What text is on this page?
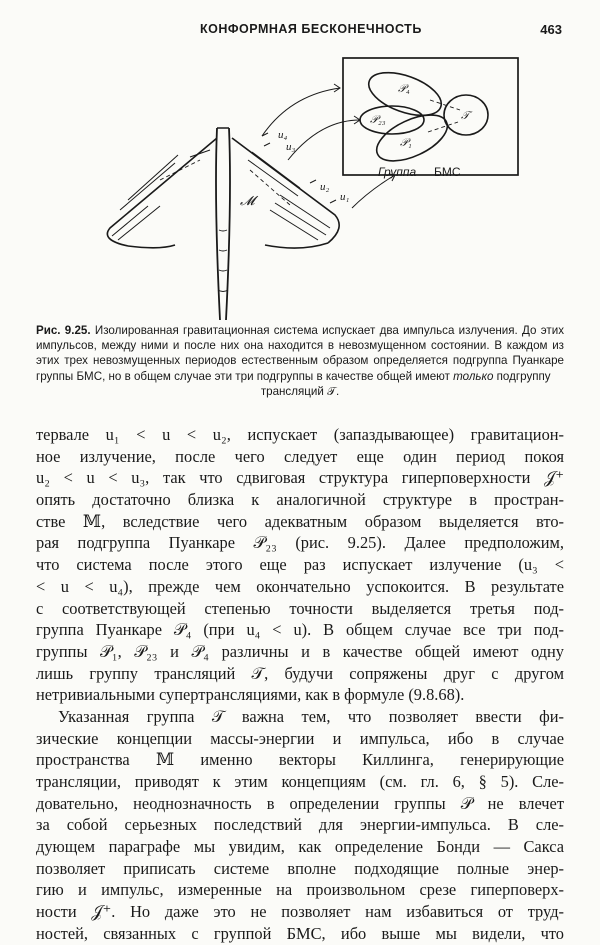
КОНФОРМНАЯ БЕСКОНЕЧНОСТЬ	463
𝒫₄
𝒫₂₃	𝒯
𝒫₁
u₄
u₃
u₂
u₁
𝓜
Группа БМС
Рис. 9.25. Изолированная гравитационная система испускает два импульса излучения. До этих импульсов, между ними и после них она находится в невозмущенном состоянии. В каждом из этих трех невозмущенных периодов естественным образом определяется подгруппа Пуанкаре группы БМС, но в общем случае эти три подгруппы в качестве общей имеют только подгруппу
трансляций 𝒯.
тервале u₁ < u < u₂, испускает (запаздывающее) гравитацион-
ное излучение, после чего следует еще один период покоя
u₂ < u < u₃, так что сдвиговая структура гиперповерхности 𝒥⁺
опять достаточно близка к аналогичной структуре в простран-
стве 𝕄, вследствие чего адекватным образом выделяется вто-
рая подгруппа Пуанкаре 𝒫₂₃ (рис. 9.25). Далее предположим,
что система после этого еще раз испускает излучение (u₃ <
< u < u₄), прежде чем окончательно успокоится. В результате
с соответствующей степенью точности выделяется третья под-
группа Пуанкаре 𝒫₄ (при u₄ < u). В общем случае все три под-
группы 𝒫₁, 𝒫₂₃ и 𝒫₄ различны и в качестве общей имеют одну
лишь группу трансляций 𝒯, будучи сопряжены друг с другом
нетривиальными супертрансляциями, как в формуле (9.8.68).
Указанная группа 𝒯 важна тем, что позволяет ввести фи-
зические концепции массы-энергии и импульса, ибо в случае
пространства 𝕄 именно векторы Киллинга, генерирующие
трансляции, приводят к этим концепциям (см. гл. 6, § 5). Сле-
довательно, неоднозначность в определении группы 𝒫 не влечет
за собой серьезных последствий для энергии-импульса. В сле-
дующем параграфе мы увидим, как определение Бонди — Сакса
позволяет приписать системе вполне подходящие полные энер-
гию и импульс, измеренные на произвольном срезе гиперповерх-
ности 𝒥⁺. Но даже это не позволяет нам избавиться от труд-
ностей, связанных с группой БМС, ибо выше мы видели, что
